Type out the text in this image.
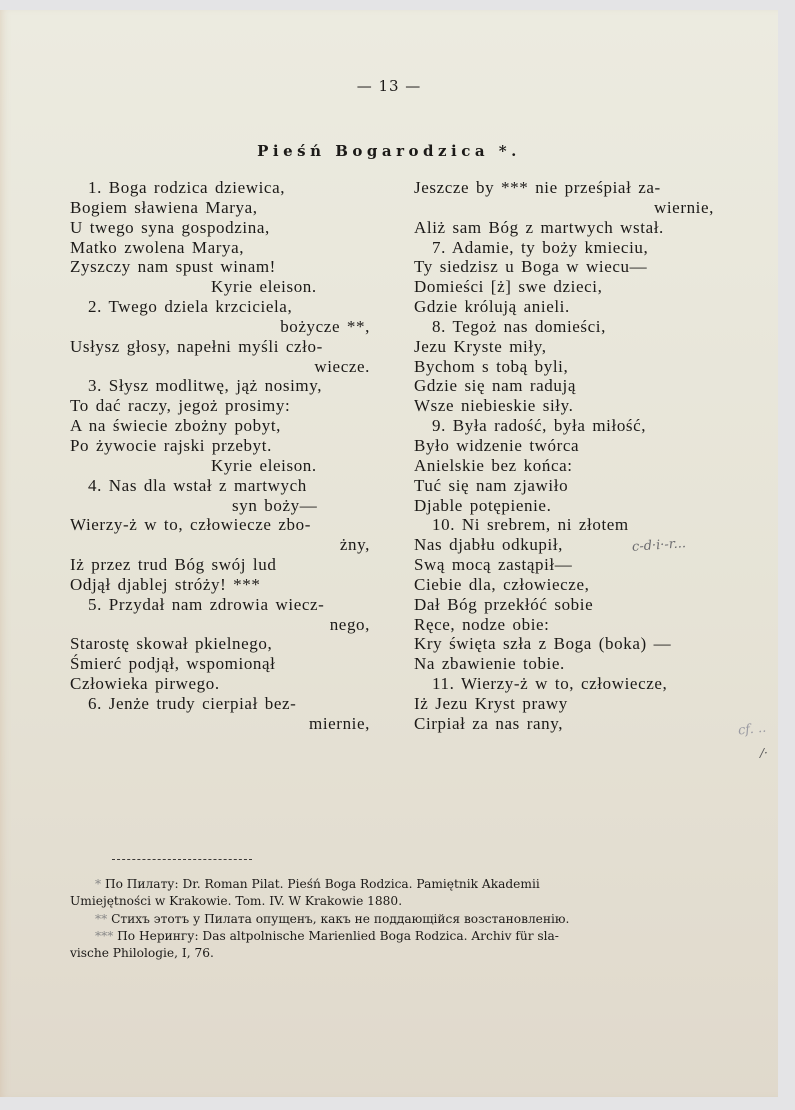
— 13 —
Pieśń Bogarodzica *.
1. Boga rodzica dziewica,
Bogiem sławiena Marya,
U twego syna gospodzina,
Matko zwolena Marya,
Zyszczy nam spust winam!
Kyrie eleison.
2. Twego dziela krzciciela,
bożycze **,
Usłysz głosy, napełni myśli czło-
wiecze.
3. Słysz modlitwę, jąż nosimy,
To dać raczy, jegoż prosimy:
A na świecie zbożny pobyt,
Po żywocie rajski przebyt.
Kyrie eleison.
4. Nas dla wstał z martwych
syn boży—
Wierzy-ż w to, człowiecze zbo-
żny,
Iż przez trud Bóg swój lud
Odjął djablej stróży! ***
5. Przydał nam zdrowia wiecz-
nego,
Starostę skował pkielnego,
Śmierć podjął, wspomionął
Człowieka pirwego.
6. Jenże trudy cierpiał bez-
miernie,
Jeszcze by *** nie prześpiał za-
wiernie,
Aliż sam Bóg z martwych wstał.
7. Adamie, ty boży kmieciu,
Ty siedzisz u Boga w wiecu—
Domieści [ż] swe dzieci,
Gdzie królują anieli.
8. Tegoż nas domieści,
Jezu Kryste miły,
Bychom s tobą byli,
Gdzie się nam radują
Wsze niebieskie siły.
9. Była radość, była miłość,
Było widzenie twórca
Anielskie bez końca:
Tuć się nam zjawiło
Djable potępienie.
10. Ni srebrem, ni złotem
Nas djabłu odkupił,
Swą mocą zastąpił—
Ciebie dla, człowiecze,
Dał Bóg przekłóć sobie
Ręce, nodze obie:
Kry święta szła z Boga (boka) —
Na zbawienie tobie.
11. Wierzy-ż w to, człowiecze,
Iż Jezu Kryst prawy
Cirpiał za nas rany,
* По Пилату: Dr. Roman Pilat. Pieśń Boga Rodzica. Pamiętnik Akademii
Umiejętności w Krakowie. Tom. IV. W Krakowie 1880.
** Стихъ этотъ у Пилата опущенъ, какъ не поддающійся возстановленію.
*** По Нерингу: Das altpolnische Marienlied Boga Rodzica. Archiv für sla-
vische Philologie, I, 76.
c-d·i·-r...
cf. ..
/·
